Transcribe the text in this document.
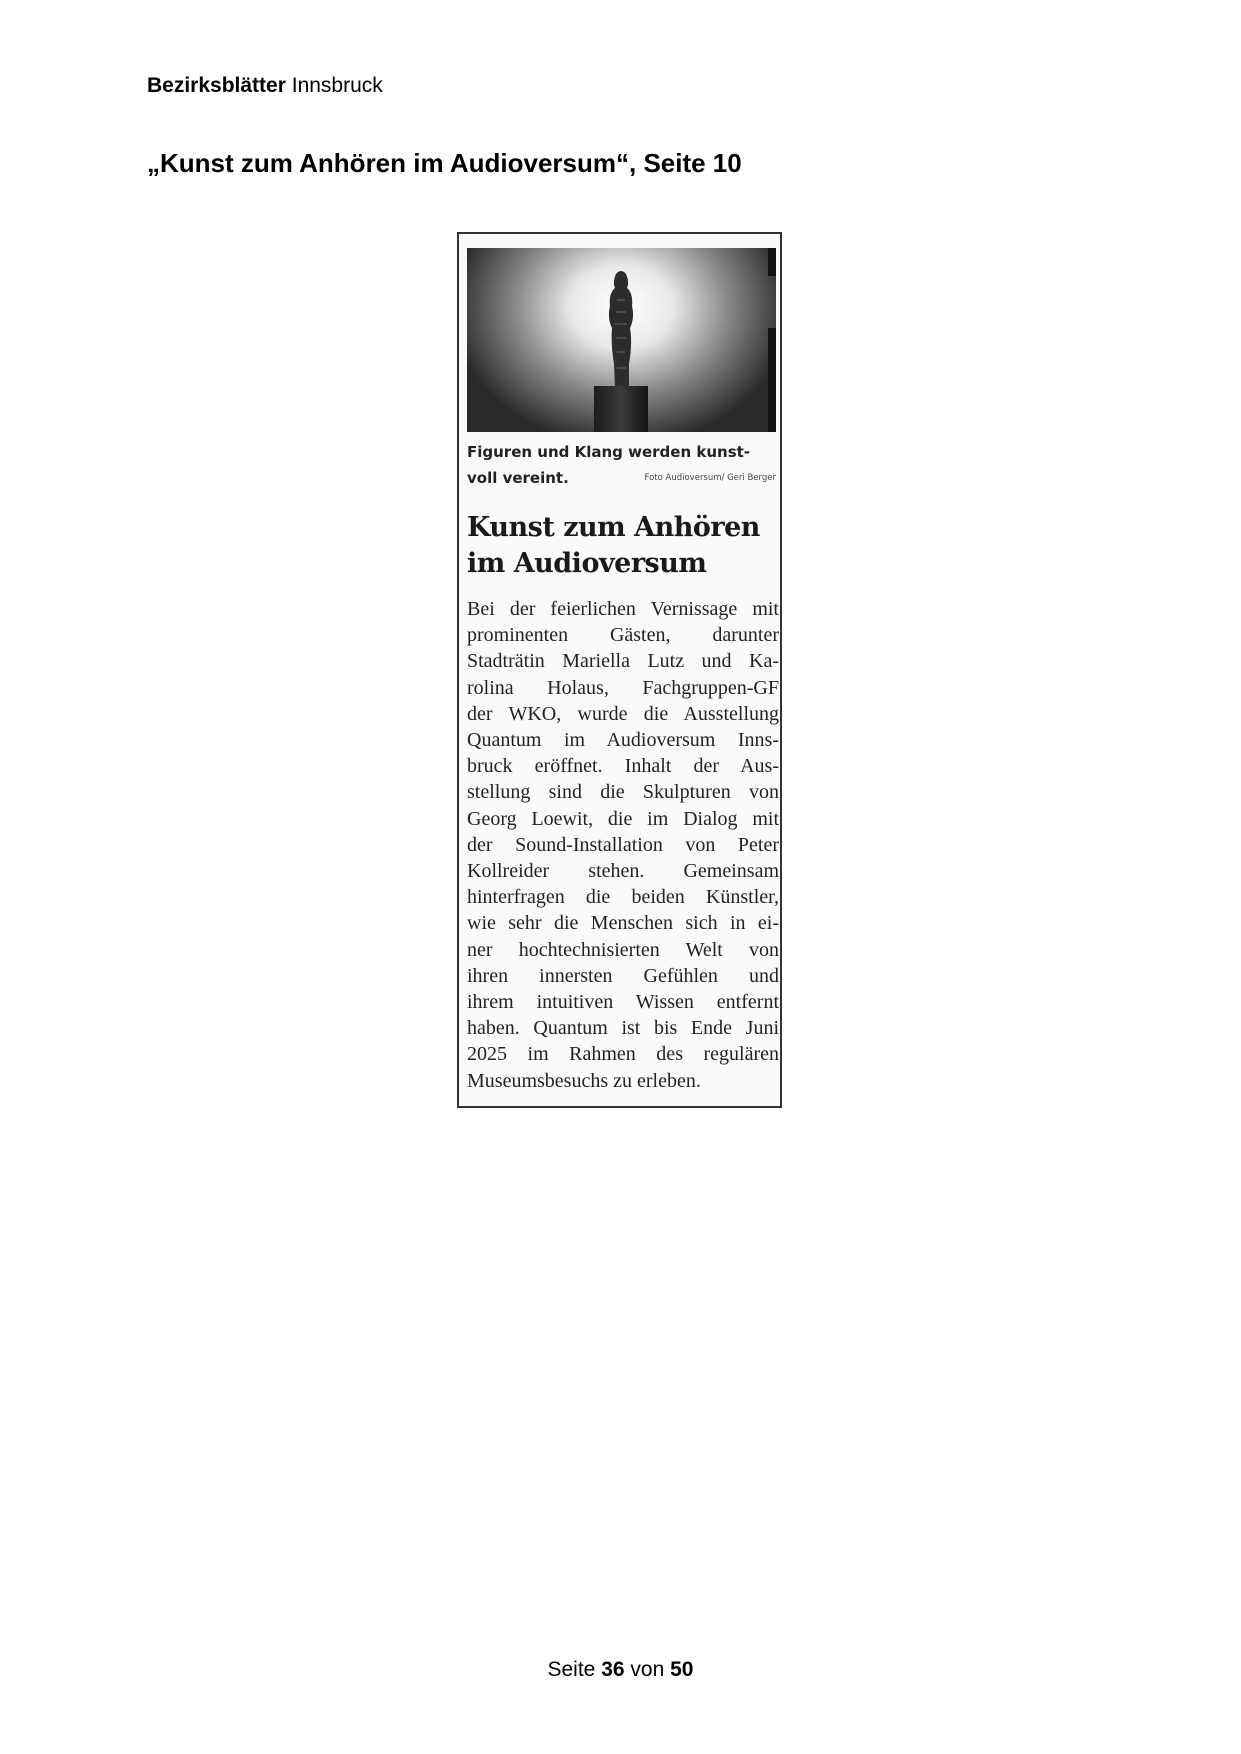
Bezirksblätter Innsbruck
„Kunst zum Anhören im Audioversum“, Seite 10
Figuren und Klang werden kunst-
voll vereint.	Foto Audioversum/ Geri Berger
Kunst zum Anhören
im Audioversum
Bei der feierlichen Vernissage mit
prominenten Gästen, darunter
Stadträtin Mariella Lutz und Ka-
rolina Holaus, Fachgruppen-GF
der WKO, wurde die Ausstellung
Quantum im Audioversum Inns-
bruck eröffnet. Inhalt der Aus-
stellung sind die Skulpturen von
Georg Loewit, die im Dialog mit
der Sound-Installation von Peter
Kollreider stehen. Gemeinsam
hinterfragen die beiden Künstler,
wie sehr die Menschen sich in ei-
ner hochtechnisierten Welt von
ihren innersten Gefühlen und
ihrem intuitiven Wissen entfernt
haben. Quantum ist bis Ende Juni
2025 im Rahmen des regulären
Museumsbesuchs zu erleben.
Seite 36 von 50
